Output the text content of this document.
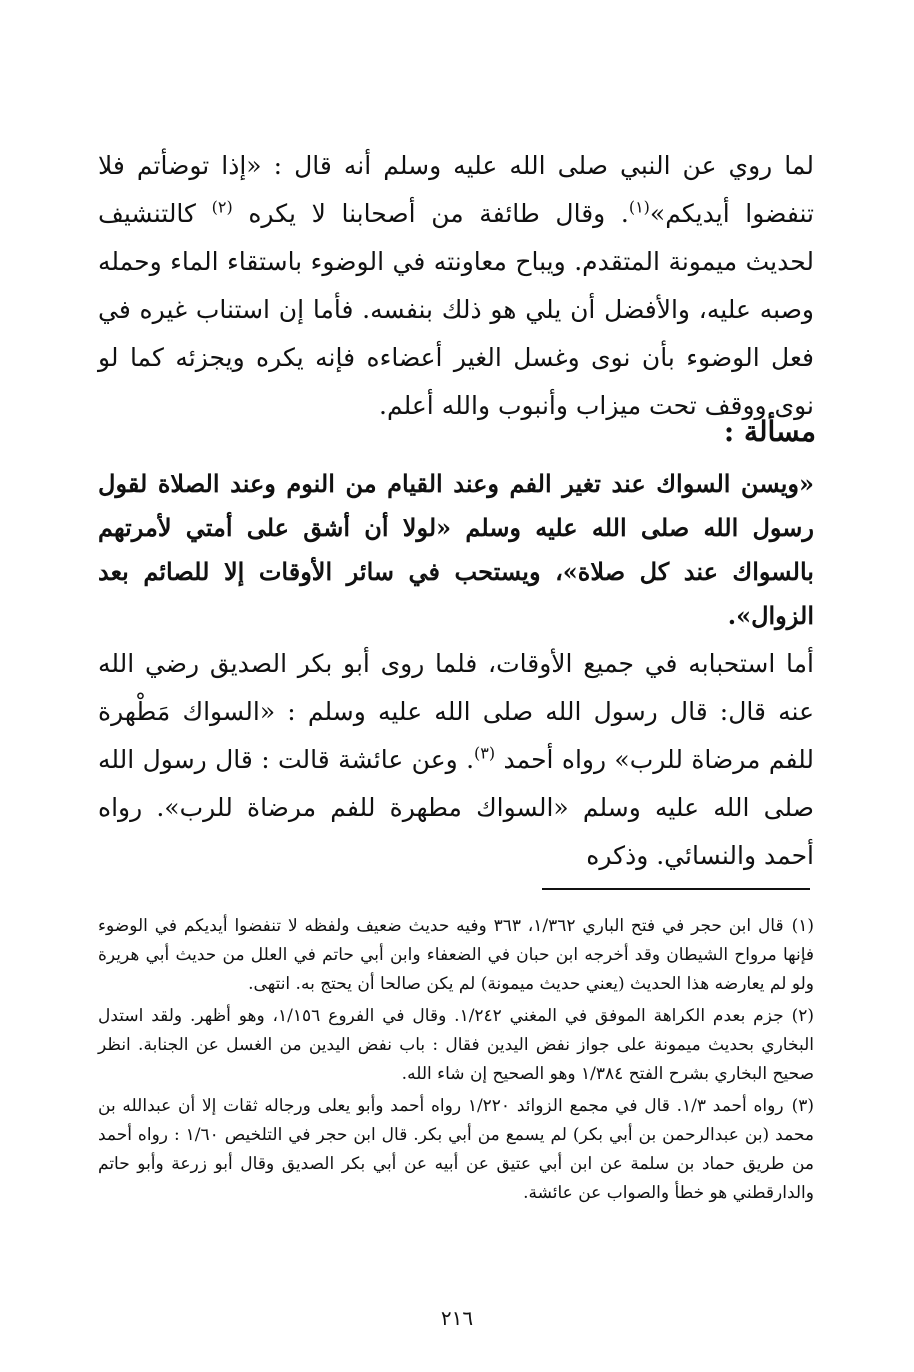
لما روي عن النبي صلى الله عليه وسلم أنه قال : «إذا توضأتم فلا تنفضوا أيديكم»$^{(١)}$. وقال طائفة من أصحابنا لا يكره $^{(٢)}$ كالتنشيف لحديث ميمونة المتقدم. ويباح معاونته في الوضوء باستقاء الماء وحمله وصبه عليه، والأفضل أن يلي هو ذلك بنفسه. فأما إن استناب غيره في فعل الوضوء بأن نوى وغسل الغير أعضاءه فإنه يكره ويجزئه كما لو نوى ووقف تحت ميزاب وأنبوب والله أعلم.

مسألة :

«ويسن السواك عند تغير الفم وعند القيام من النوم وعند الصلاة لقول رسول الله صلى الله عليه وسلم «لولا أن أشق على أمتي لأمرتهم بالسواك عند كل صلاة»، ويستحب في سائر الأوقات إلا للصائم بعد الزوال».

أما استحبابه في جميع الأوقات، فلما روى أبو بكر الصديق رضي الله عنه قال: قال رسول الله صلى الله عليه وسلم : «السواك مَطْهرة للفم مرضاة للرب» رواه أحمد $^{(٣)}$. وعن عائشة قالت : قال رسول الله صلى الله عليه وسلم «السواك مطهرة للفم مرضاة للرب». رواه أحمد والنسائي. وذكره

(١)قال ابن حجر في فتح الباري ١/٣٦٢، ٣٦٣ وفيه حديث ضعيف ولفظه لا تنفضوا أيديكم في الوضوء فإنها مرواح الشيطان وقد أخرجه ابن حبان في الضعفاء وابن أبي حاتم في العلل من حديث أبي هريرة ولو لم يعارضه هذا الحديث (يعني حديث ميمونة) لم يكن صالحا أن يحتج به. انتهى.

(٢)جزم بعدم الكراهة الموفق في المغني ١/٢٤٢. وقال في الفروع ١/١٥٦، وهو أظهر. ولقد استدل البخاري بحديث ميمونة على جواز نفض اليدين فقال : باب نفض اليدين من الغسل عن الجنابة. انظر صحيح البخاري بشرح الفتح ١/٣٨٤ وهو الصحيح إن شاء الله.

(٣)رواه أحمد ١/٣. قال في مجمع الزوائد ١/٢٢٠ رواه أحمد وأبو يعلى ورجاله ثقات إلا أن عبدالله بن محمد (بن عبدالرحمن بن أبي بكر) لم يسمع من أبي بكر. قال ابن حجر في التلخيص ١/٦٠ : رواه أحمد من طريق حماد بن سلمة عن ابن أبي عتيق عن أبيه عن أبي بكر الصديق وقال أبو زرعة وأبو حاتم والدارقطني هو خطأ والصواب عن عائشة.

٢١٦
